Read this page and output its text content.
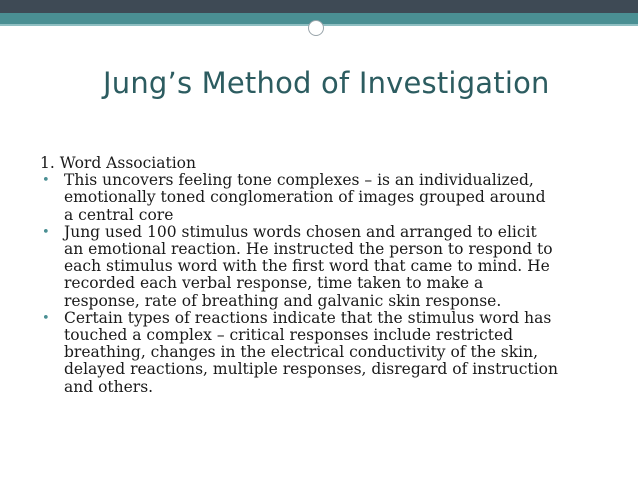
Jung’s Method of Investigation

1. Word Association

• This uncovers feeling tone complexes – is an individualized,
emotionally toned conglomeration of images grouped around
a central core
• Jung used 100 stimulus words chosen and arranged to elicit
an emotional reaction. He instructed the person to respond to
each stimulus word with the first word that came to mind. He
recorded each verbal response, time taken to make a
response, rate of breathing and galvanic skin response.
• Certain types of reactions indicate that the stimulus word has
touched a complex – critical responses include restricted
breathing, changes in the electrical conductivity of the skin,
delayed reactions, multiple responses, disregard of instruction
and others.
